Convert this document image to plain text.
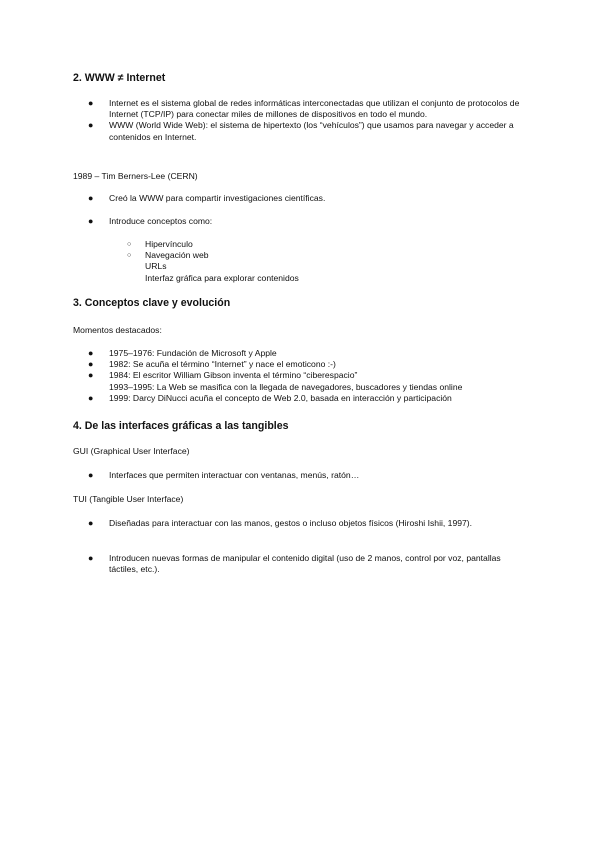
2. WWW ≠ Internet
● Internet es el sistema global de redes informáticas interconectadas que utilizan el conjunto de protocolos de Internet (TCP/IP) para conectar miles de millones de dispositivos en todo el mundo.
● WWW (World Wide Web): el sistema de hipertexto (los “vehículos”) que usamos para navegar y acceder a contenidos en Internet.

1989 – Tim Berners-Lee (CERN)

● Creó la WWW para compartir investigaciones científicas.
● Introduce conceptos como:
○ Hipervínculo
○ Navegación web
URLs
Interfaz gráfica para explorar contenidos
3. Conceptos clave y evolución

Momentos destacados:

● 1975–1976: Fundación de Microsoft y Apple
● 1982: Se acuña el término “Internet” y nace el emoticono :-)
● 1984: El escritor William Gibson inventa el término “ciberespacio”
1993–1995: La Web se masifica con la llegada de navegadores, buscadores y tiendas online
● 1999: Darcy DiNucci acuña el concepto de Web 2.0, basada en interacción y participación
4. De las interfaces gráficas a las tangibles

GUI (Graphical User Interface)

● Interfaces que permiten interactuar con ventanas, menús, ratón…

TUI (Tangible User Interface)

● Diseñadas para interactuar con las manos, gestos o incluso objetos físicos (Hiroshi Ishii, 1997).
● Introducen nuevas formas de manipular el contenido digital (uso de 2 manos, control por voz, pantallas táctiles, etc.).
